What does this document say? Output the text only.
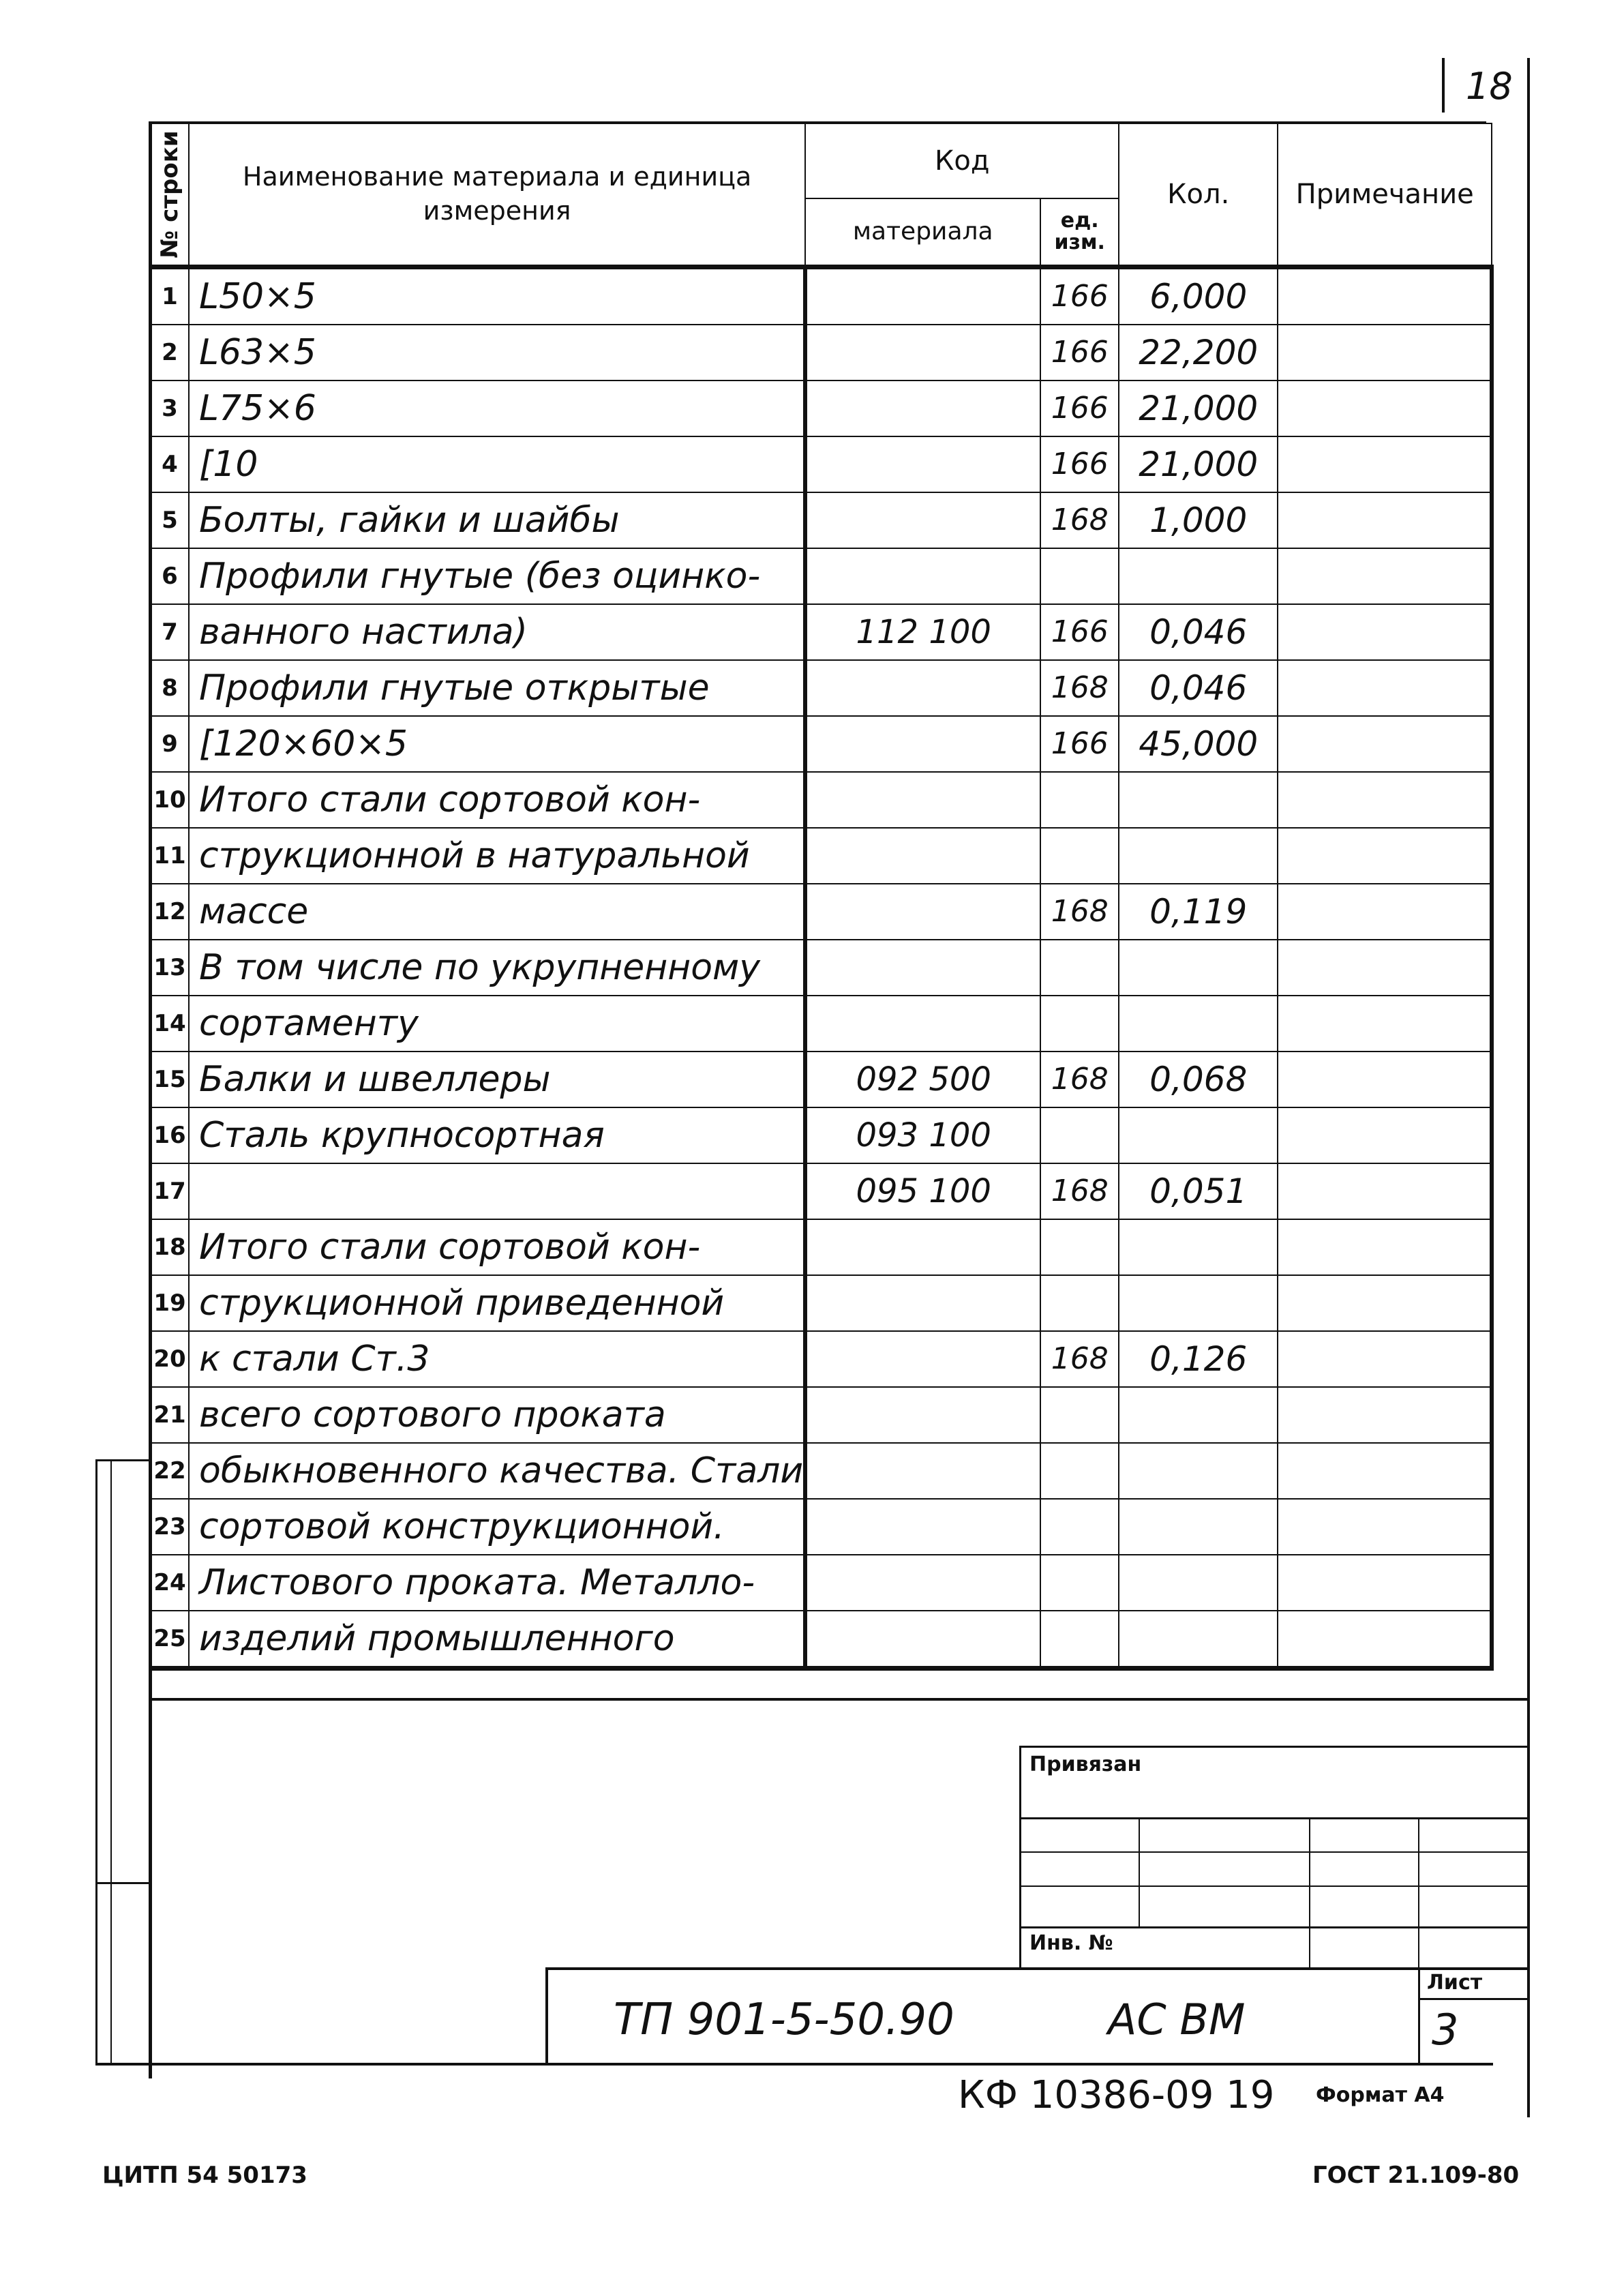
18
№ строки	Наименование материала и единица измерения	Код		Кол.	Примечание
		материала	ед. изм.		
1	L50×5		166	6,000	
2	L63×5		166	22,200	
3	L75×6		166	21,000	
4	[10		166	21,000	
5	Болты, гайки и шайбы		168	1,000	
6	Профили гнутые (без оцинко-				
7	ванного настила)	112 100	166	0,046	
8	Профили гнутые открытые		168	0,046	
9	[120×60×5		166	45,000	
10	Итого стали сортовой кон-				
11	струкционной в натуральной				
12	массе		168	0,119	
13	В том числе по укрупненному				
14	сортаменту				
15	Балки и швеллеры	092 500	168	0,068	
16	Сталь крупносортная	093 100			
17		095 100	168	0,051	
18	Итого стали сортовой кон-				
19	струкционной приведенной				
20	к стали Ст.3		168	0,126	
21	всего сортового проката				
22	обыкновенного качества. Стали				
23	сортовой конструкционной.				
24	Листового проката. Металло-				
25	изделий промышленного				
Привязан
Инв. №
ТП 901-5-50.90	АС ВМ
Лист
3
КФ 10386-09 19 Формат А4
ЦИТП 54 50173	ГОСТ 21.109-80
